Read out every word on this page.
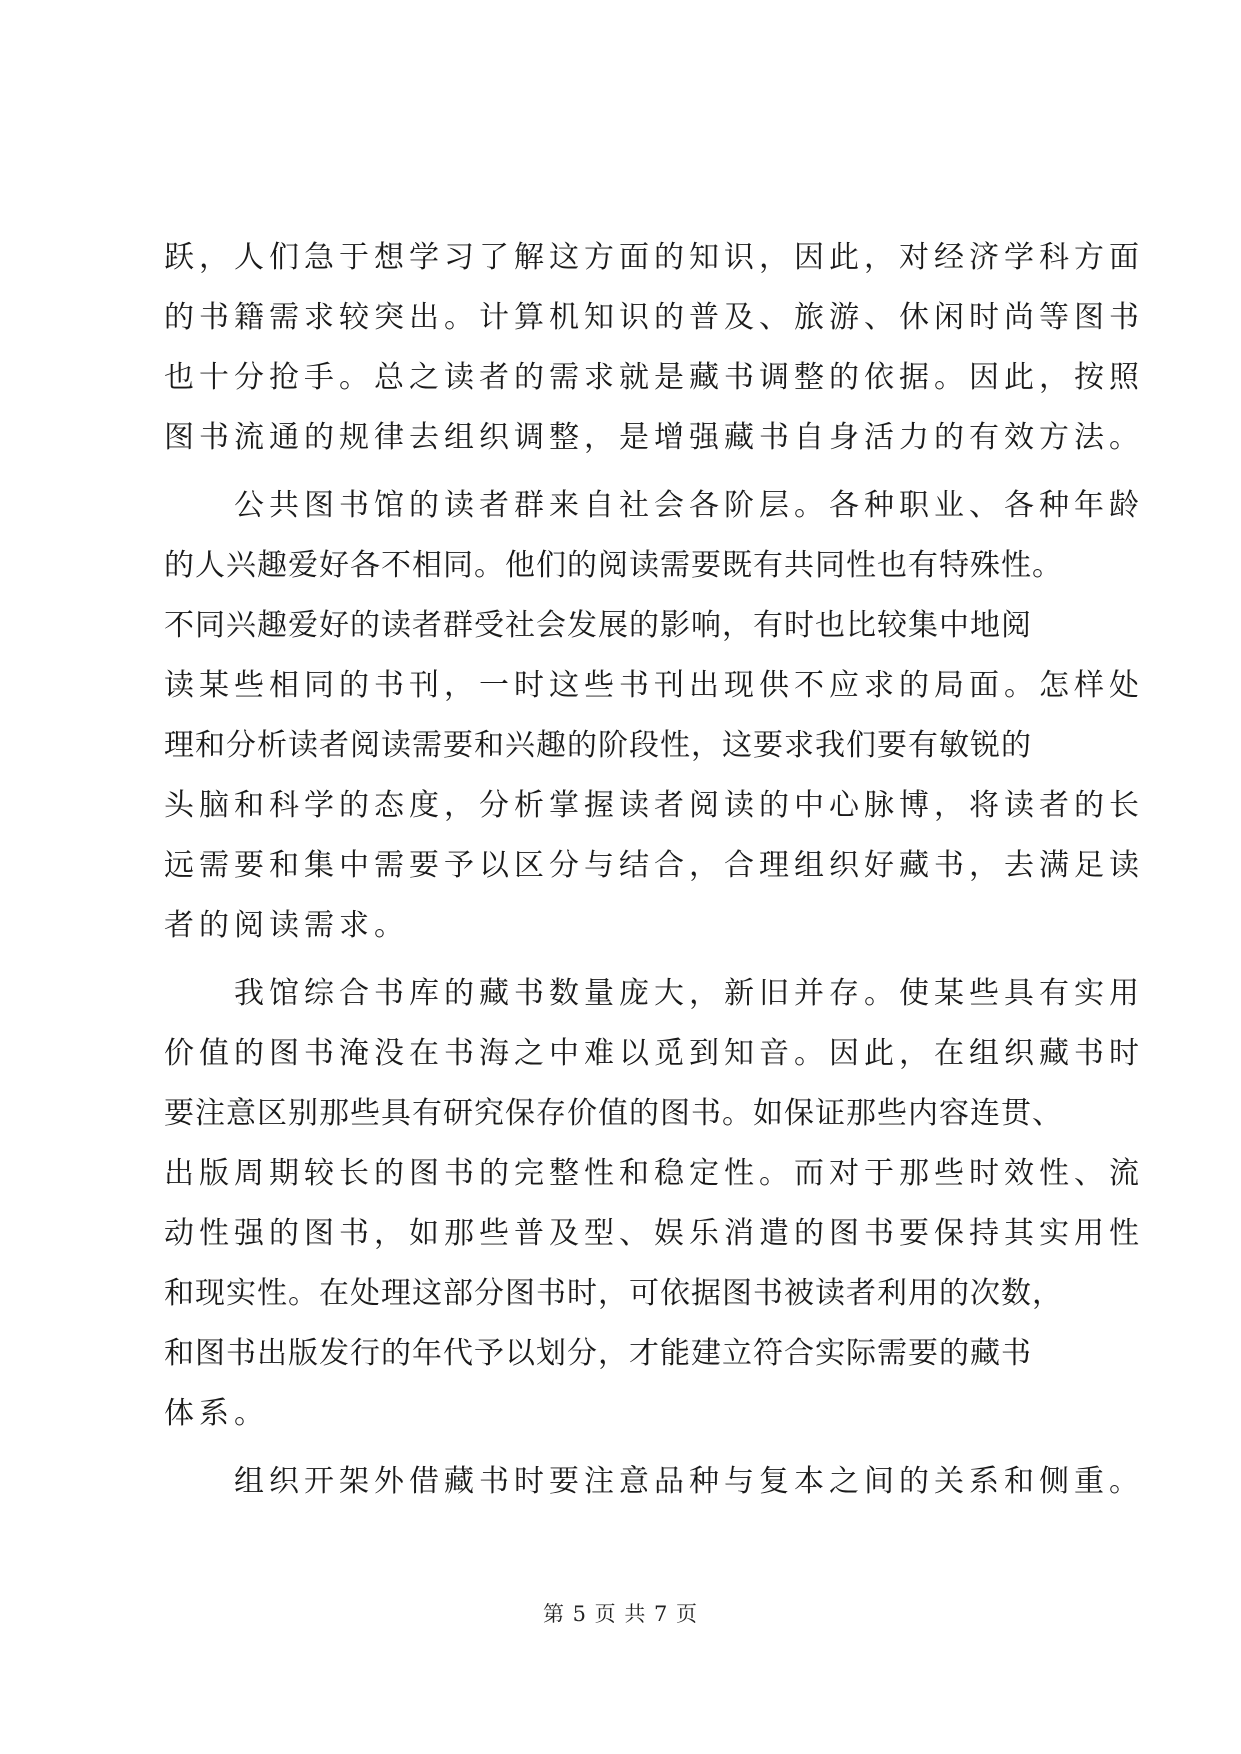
跃，人们急于想学习了解这方面的知识，因此，对经济学科方面
的书籍需求较突出。计算机知识的普及、旅游、休闲时尚等图书
也十分抢手。总之读者的需求就是藏书调整的依据。因此，按照
图书流通的规律去组织调整，是增强藏书自身活力的有效方法。
　　公共图书馆的读者群来自社会各阶层。各种职业、各种年龄
的人兴趣爱好各不相同。他们的阅读需要既有共同性也有特殊性。
不同兴趣爱好的读者群受社会发展的影响，有时也比较集中地阅
读某些相同的书刊，一时这些书刊出现供不应求的局面。怎样处
理和分析读者阅读需要和兴趣的阶段性，这要求我们要有敏锐的
头脑和科学的态度，分析掌握读者阅读的中心脉博，将读者的长
远需要和集中需要予以区分与结合，合理组织好藏书，去满足读
者的阅读需求。
　　我馆综合书库的藏书数量庞大，新旧并存。使某些具有实用
价值的图书淹没在书海之中难以觅到知音。因此，在组织藏书时
要注意区别那些具有研究保存价值的图书。如保证那些内容连贯、
出版周期较长的图书的完整性和稳定性。而对于那些时效性、流
动性强的图书，如那些普及型、娱乐消遣的图书要保持其实用性
和现实性。在处理这部分图书时，可依据图书被读者利用的次数，
和图书出版发行的年代予以划分，才能建立符合实际需要的藏书
体系。
　　组织开架外借藏书时要注意品种与复本之间的关系和侧重。
第 5 页 共 7 页
